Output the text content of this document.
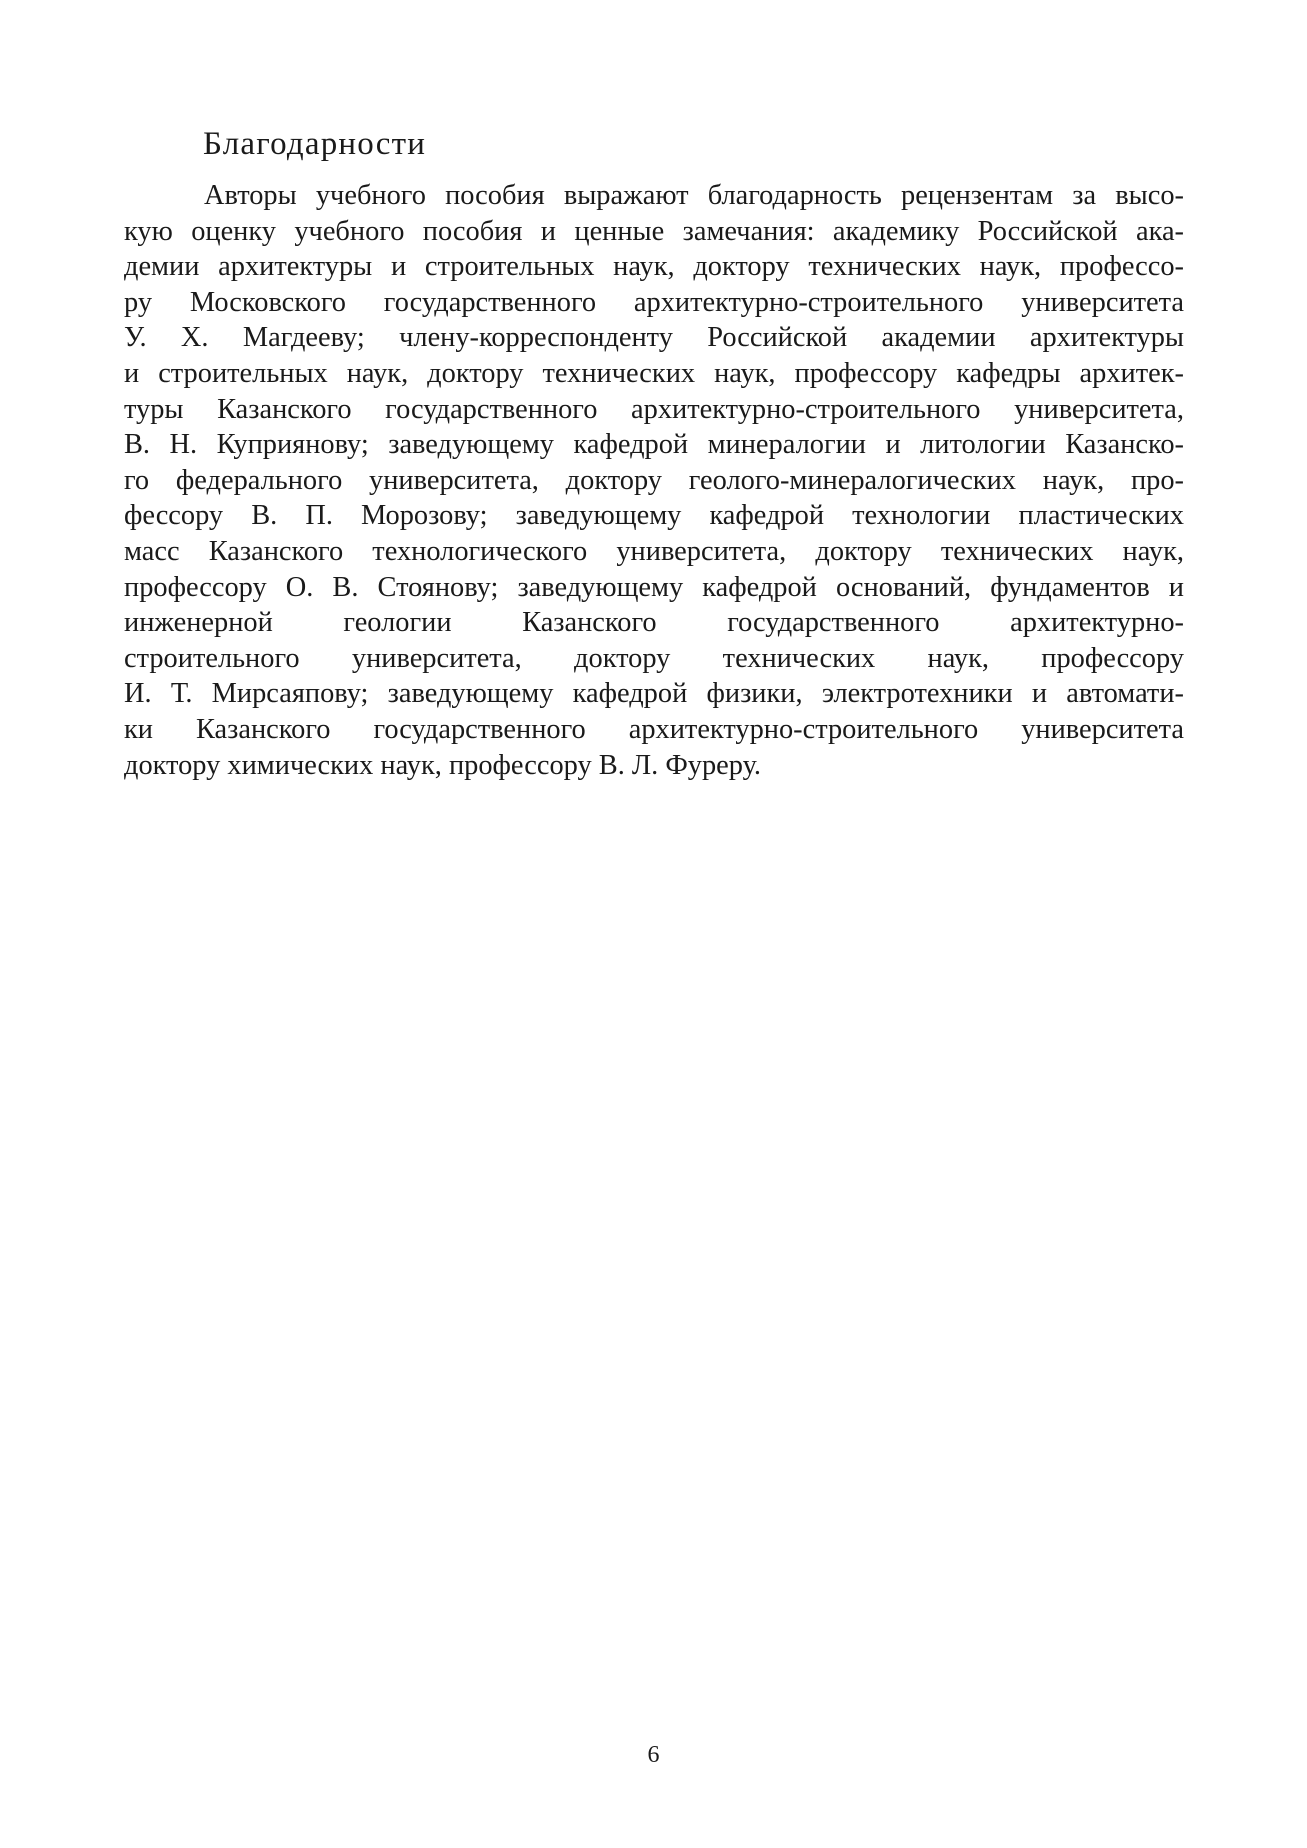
Благодарности
Авторы учебного пособия выражают благодарность рецензентам за высо-
кую оценку учебного пособия и ценные замечания: академику Российской ака-
демии архитектуры и строительных наук, доктору технических наук, профессо-
ру Московского государственного архитектурно-строительного университета
У. Х. Магдееву; члену-корреспонденту Российской академии архитектуры
и строительных наук, доктору технических наук, профессору кафедры архитек-
туры Казанского государственного архитектурно-строительного университета,
В. Н. Куприянову; заведующему кафедрой минералогии и литологии Казанско-
го федерального университета, доктору геолого-минералогических наук, про-
фессору В. П. Морозову; заведующему кафедрой технологии пластических
масс Казанского технологического университета, доктору технических наук,
профессору О. В. Стоянову; заведующему кафедрой оснований, фундаментов и
инженерной геологии Казанского государственного архитектурно-
строительного университета, доктору технических наук, профессору
И. Т. Мирсаяпову; заведующему кафедрой физики, электротехники и автомати-
ки Казанского государственного архитектурно-строительного университета
доктору химических наук, профессору В. Л. Фуреру.
6
